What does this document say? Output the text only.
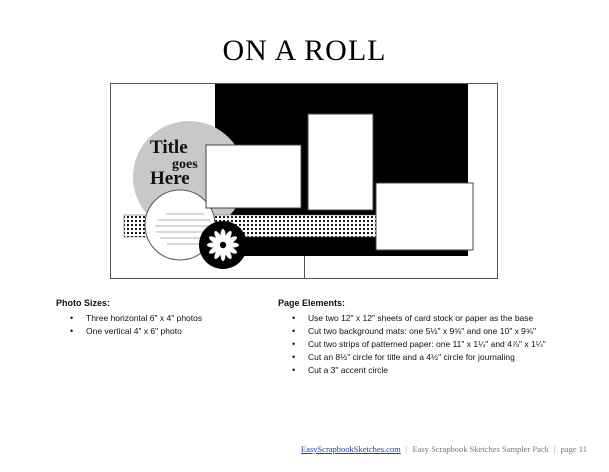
ON A ROLL
Title
goes
Here
Photo Sizes:
• Three horizontal 6" x 4" photos
• One vertical 4" x 6" photo
Page Elements:
• Use two 12" x 12" sheets of card stock or paper as the base
• Cut two background mats: one 5½" x 9⅝" and one 10" x 9⅝"
• Cut two strips of patterned paper: one 11" x 1¼" and 4⅞" x 1¼"
• Cut an 8½" circle for title and a 4½" circle for journaling
• Cut a 3" accent circle
EasyScrapbookSketches.com | Easy Scrapbook Sketches Sampler Pack | page 11
